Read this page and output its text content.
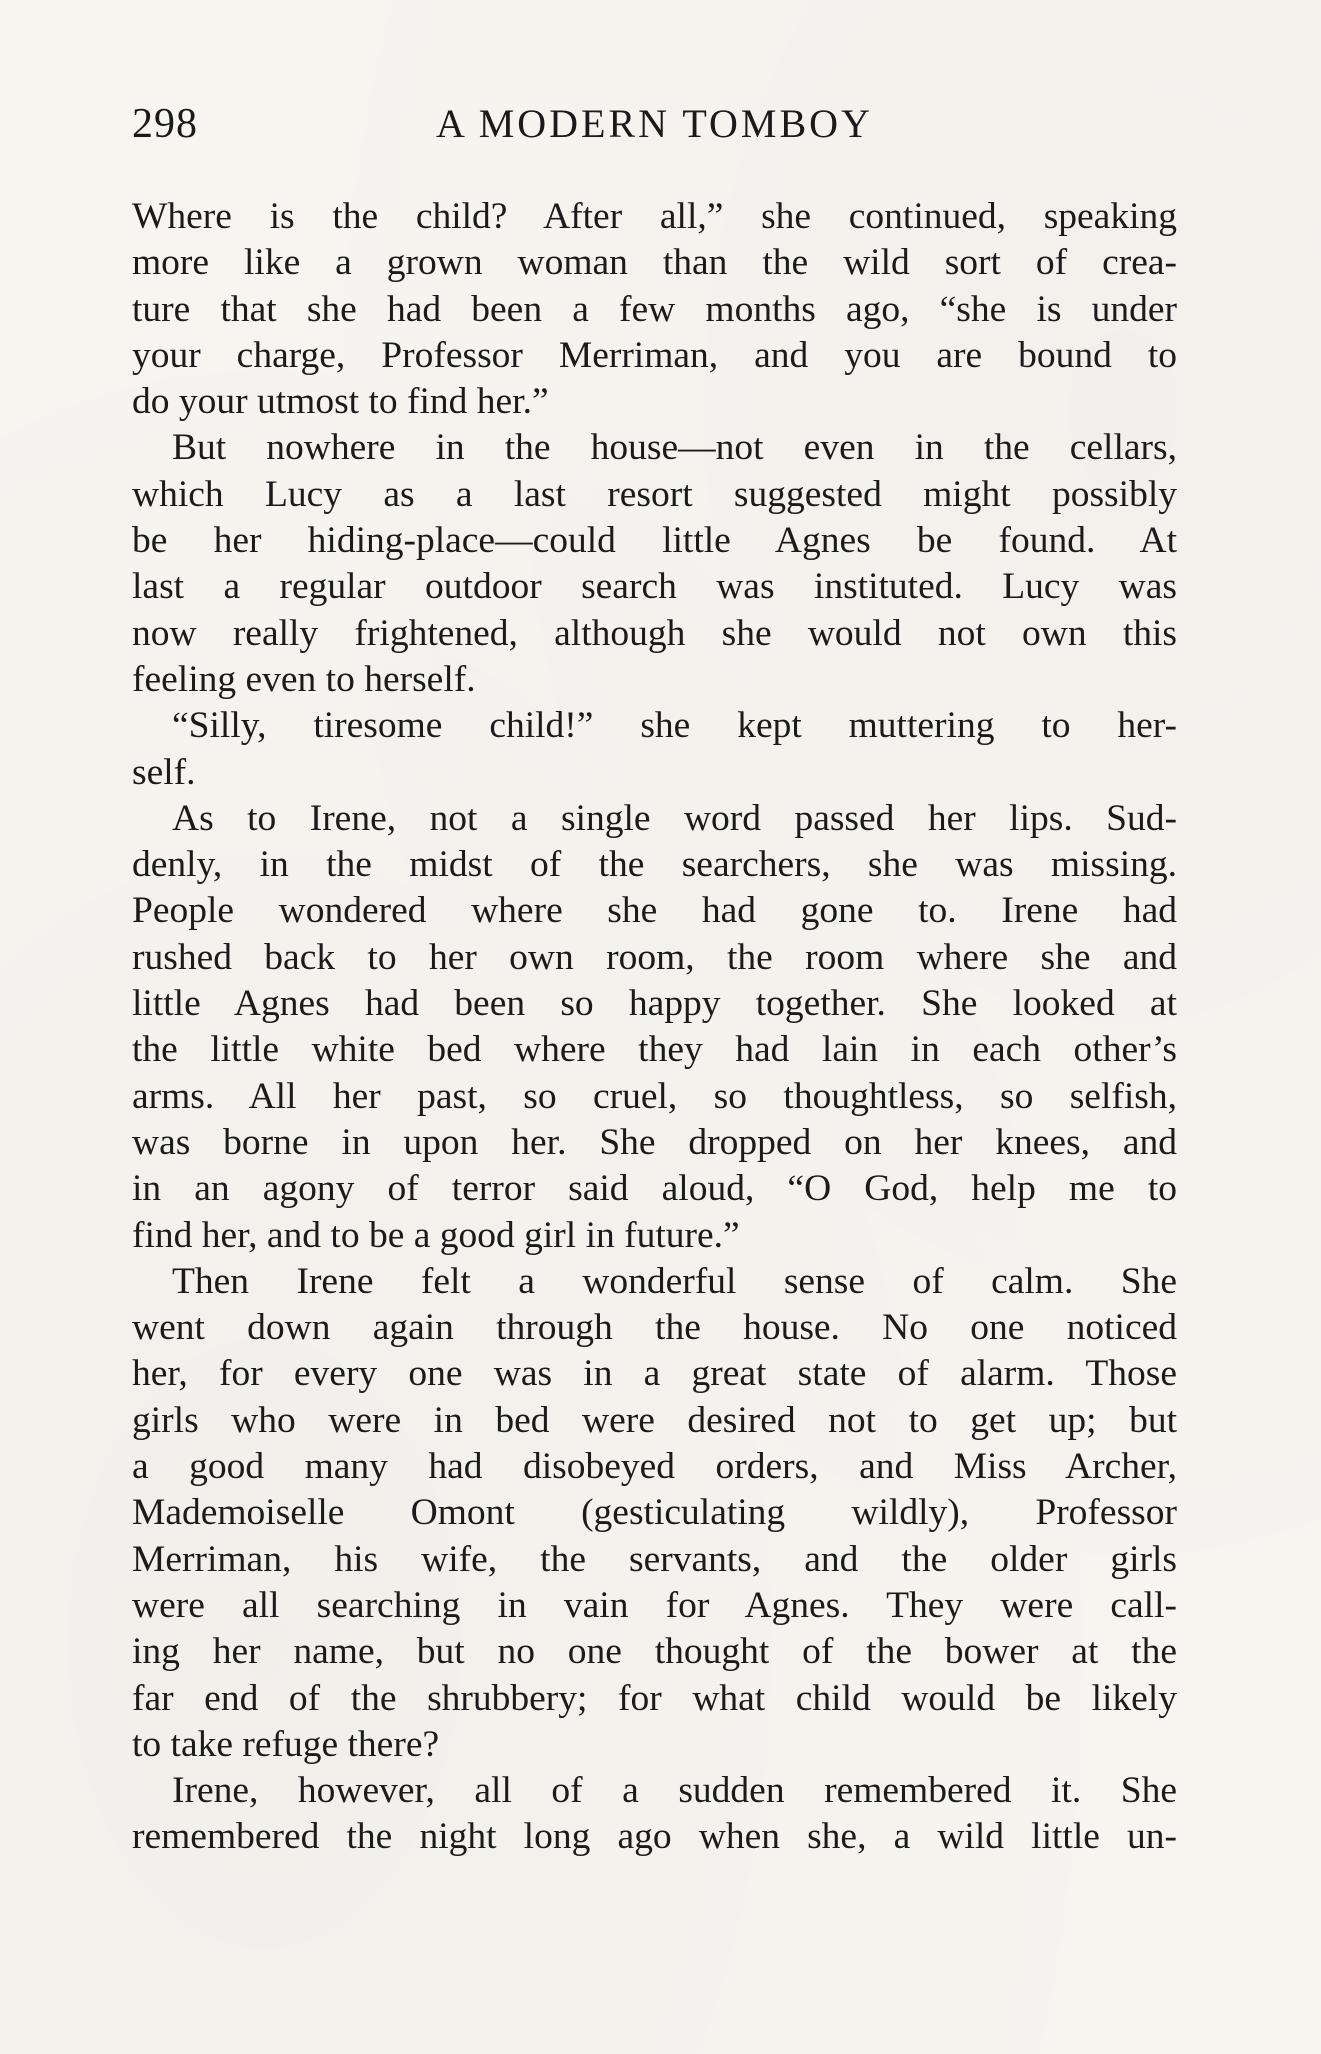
298	A MODERN TOMBOY
Where is the child? After all,” she continued, speaking
more like a grown woman than the wild sort of crea-
ture that she had been a few months ago, “she is under
your charge, Professor Merriman, and you are bound to
do your utmost to find her.”
But nowhere in the house—not even in the cellars,
which Lucy as a last resort suggested might possibly
be her hiding-place—could little Agnes be found. At
last a regular outdoor search was instituted. Lucy was
now really frightened, although she would not own this
feeling even to herself.
“Silly, tiresome child!” she kept muttering to her-
self.
As to Irene, not a single word passed her lips. Sud-
denly, in the midst of the searchers, she was missing.
People wondered where she had gone to. Irene had
rushed back to her own room, the room where she and
little Agnes had been so happy together. She looked at
the little white bed where they had lain in each other’s
arms. All her past, so cruel, so thoughtless, so selfish,
was borne in upon her. She dropped on her knees, and
in an agony of terror said aloud, “O God, help me to
find her, and to be a good girl in future.”
Then Irene felt a wonderful sense of calm. She
went down again through the house. No one noticed
her, for every one was in a great state of alarm. Those
girls who were in bed were desired not to get up; but
a good many had disobeyed orders, and Miss Archer,
Mademoiselle Omont (gesticulating wildly), Professor
Merriman, his wife, the servants, and the older girls
were all searching in vain for Agnes. They were call-
ing her name, but no one thought of the bower at the
far end of the shrubbery; for what child would be likely
to take refuge there?
Irene, however, all of a sudden remembered it. She
remembered the night long ago when she, a wild little un-
